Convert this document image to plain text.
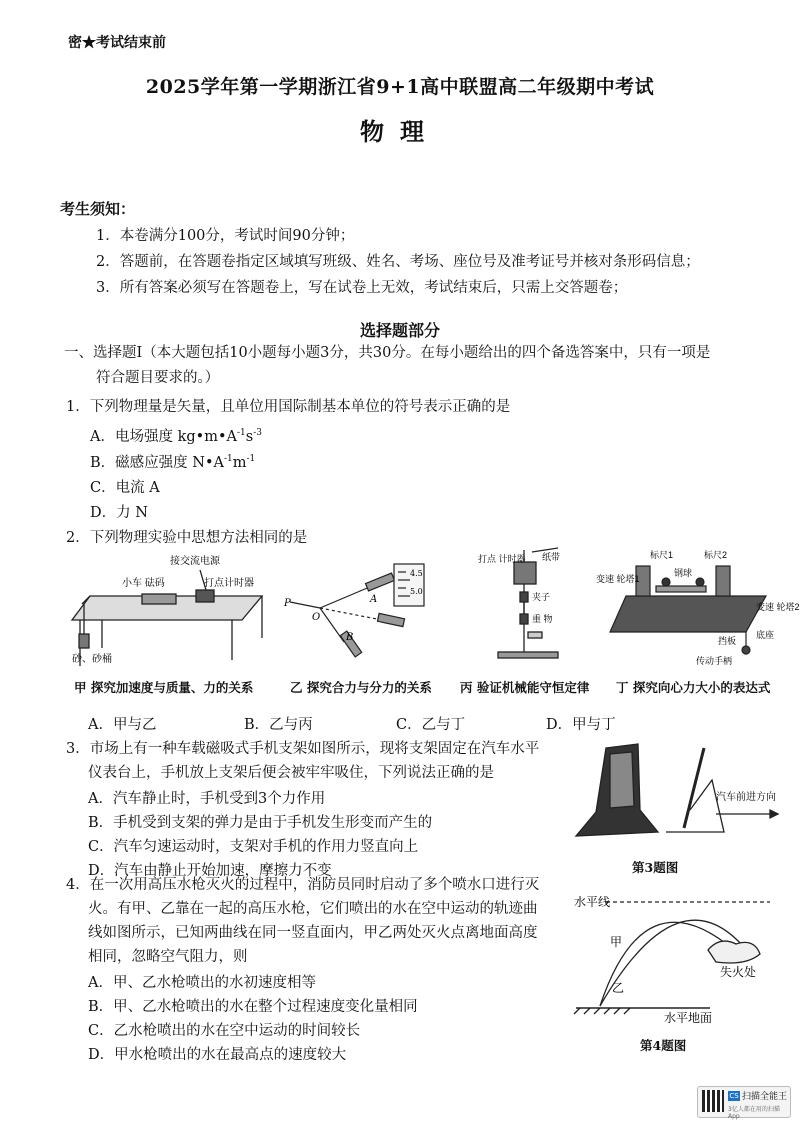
密★考试结束前
2025学年第一学期浙江省9+1高中联盟高二年级期中考试
物理
考生须知：
1．本卷满分100分，考试时间90分钟；
2．答题前，在答题卷指定区域填写班级、姓名、考场、座位号及准考证号并核对条形码信息；
3．所有答案必须写在答题卷上，写在试卷上无效，考试结束后，只需上交答题卷；
选择题部分
一、选择题Ⅰ（本大题包括10小题每小题3分，共30分。在每小题给出的四个备选答案中，只有一项是
符合题目要求的。）
1．下列物理量是矢量，且单位用国际制基本单位的符号表示正确的是
A．电场强度 $kg•m•A^{-1}s^{-3}$
B．磁感应强度 $N•A^{-1}m^{-1}$
C．电流 A
D．力 N
2．下列物理实验中思想方法相同的是
接交流电源
小车 砝码	打点计时器
砂、砂桶
甲 探究加速度与质量、力的关系
P
O
A
B
4.5
5.0
乙 探究合力与分力的关系
打点 计时器 纸带
夹子
重 物
丙 验证机械能守恒定律
标尺1	标尺2
钢球
变速 轮塔1
变速 轮塔2
挡板
底座
传动手柄
丁 探究向心力大小的表达式
A．甲与乙	B．乙与丙	C．乙与丁	D．甲与丁
3．市场上有一种车载磁吸式手机支架如图所示，现将支架固定在汽车水平
仪表台上，手机放上支架后便会被牢牢吸住，下列说法正确的是
A．汽车静止时，手机受到3个力作用
B．手机受到支架的弹力是由于手机发生形变而产生的
C．汽车匀速运动时，支架对手机的作用力竖直向上
D．汽车由静止开始加速，摩擦力不变
汽车前进方向
第3题图
4．在一次用高压水枪灭火的过程中，消防员同时启动了多个喷水口进行灭
火。有甲、乙靠在一起的高压水枪，它们喷出的水在空中运动的轨迹曲
线如图所示，已知两曲线在同一竖直面内，甲乙两处灭火点离地面高度
相同，忽略空气阻力，则
A．甲、乙水枪喷出的水初速度相等
B．甲、乙水枪喷出的水在整个过程速度变化量相同
C．乙水枪喷出的水在空中运动的时间较长
D．甲水枪喷出的水在最高点的速度较大
水平线
甲
乙
失火处
水平地面
第4题图
CS 扫描全能王
3亿人都在用的扫描App
